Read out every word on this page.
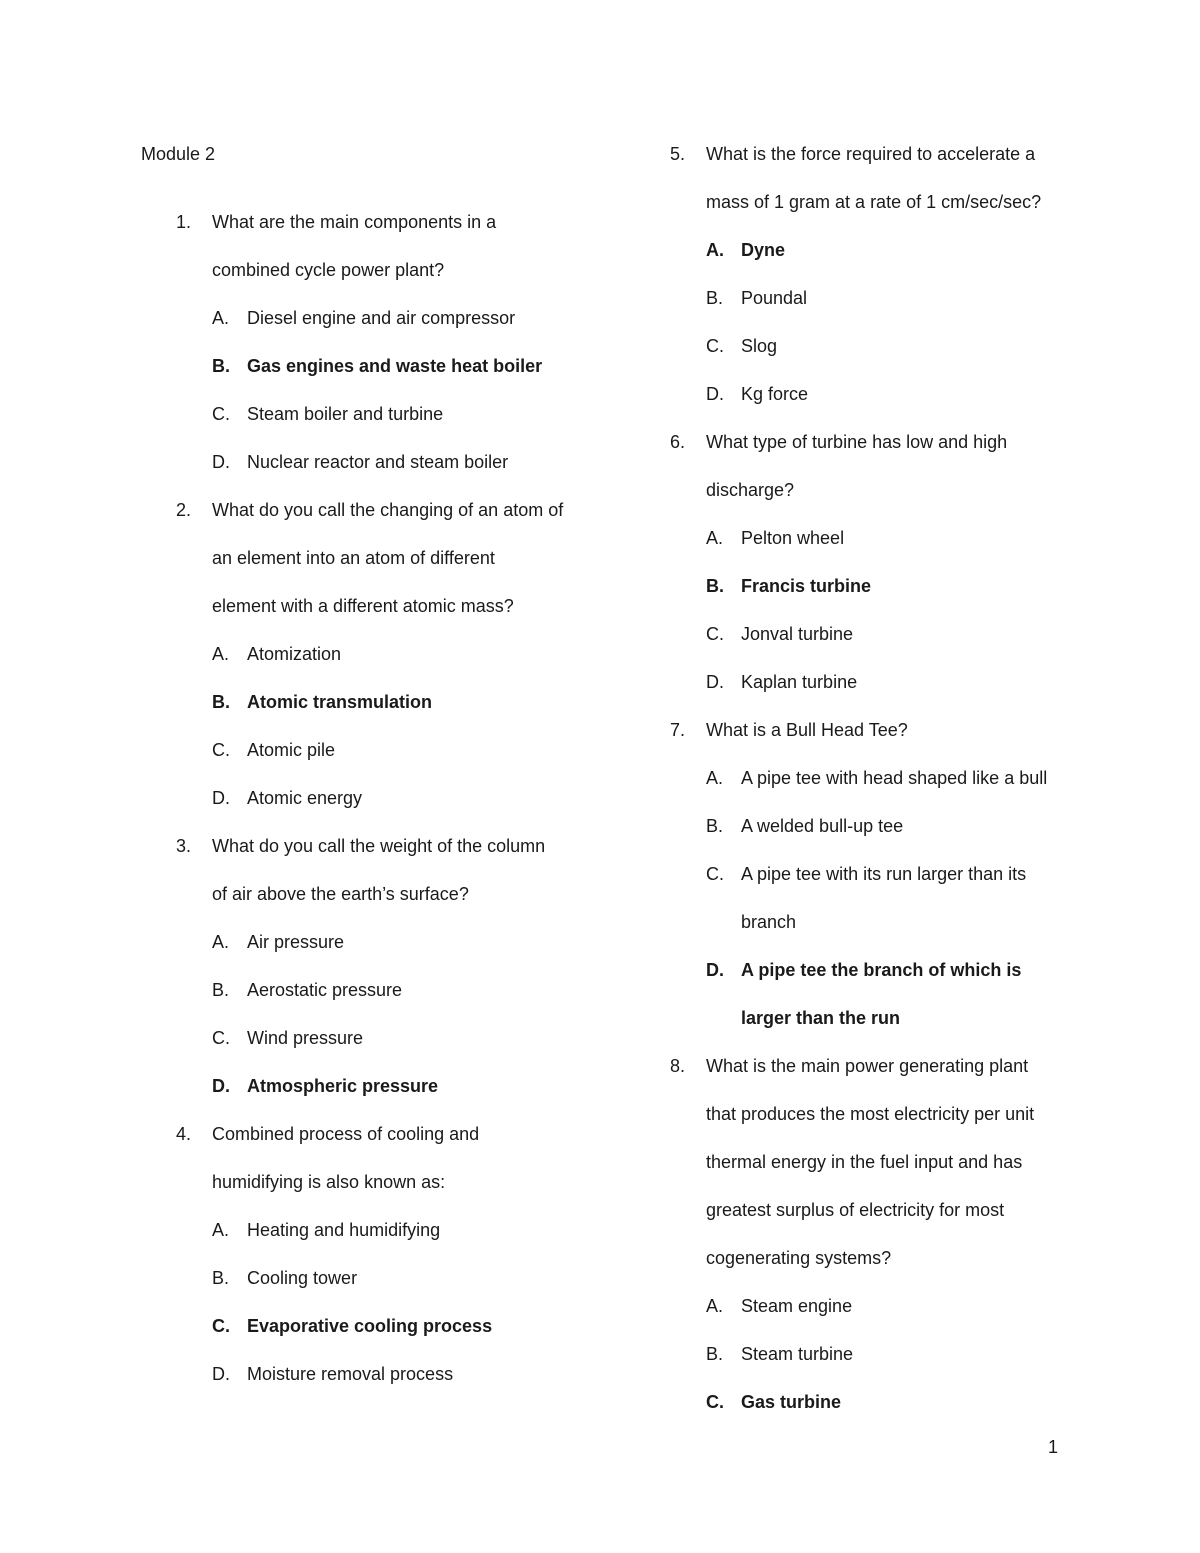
Module 2
1
1. What are the main components in a
combined cycle power plant?
A. Diesel engine and air compressor
B. Gas engines and waste heat boiler
C. Steam boiler and turbine
D. Nuclear reactor and steam boiler
2. What do you call the changing of an atom of
an element into an atom of different
element with a different atomic mass?
A. Atomization
B. Atomic transmulation
C. Atomic pile
D. Atomic energy
3. What do you call the weight of the column
of air above the earth’s surface?
A. Air pressure
B. Aerostatic pressure
C. Wind pressure
D. Atmospheric pressure
4. Combined process of cooling and
humidifying is also known as:
A. Heating and humidifying
B. Cooling tower
C. Evaporative cooling process
D. Moisture removal process
5. What is the force required to accelerate a
mass of 1 gram at a rate of 1 cm/sec/sec?
A. Dyne
B. Poundal
C. Slog
D. Kg force
6. What type of turbine has low and high
discharge?
A. Pelton wheel
B. Francis turbine
C. Jonval turbine
D. Kaplan turbine
7. What is a Bull Head Tee?
A. A pipe tee with head shaped like a bull
B. A welded bull-up tee
C. A pipe tee with its run larger than its
branch
D. A pipe tee the branch of which is
larger than the run
8. What is the main power generating plant
that produces the most electricity per unit
thermal energy in the fuel input and has
greatest surplus of electricity for most
cogenerating systems?
A. Steam engine
B. Steam turbine
C. Gas turbine
